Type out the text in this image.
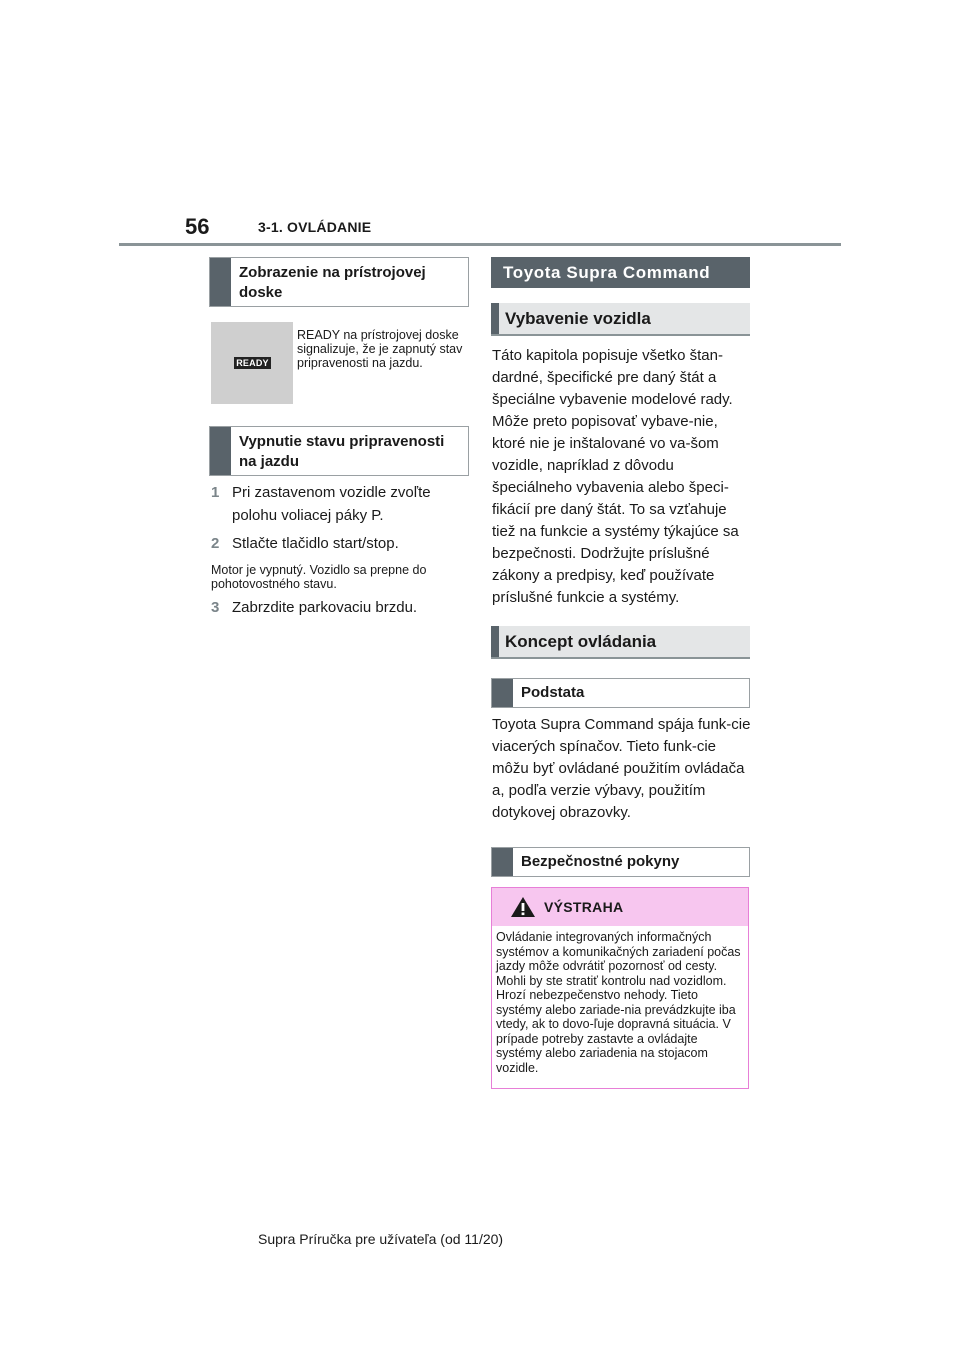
56	3-1. OVLÁDANIE
Zobrazenie na prístrojovej doske
READY
READY na prístrojovej doske signalizuje, že je zapnutý stav pripravenosti na jazdu.
Vypnutie stavu pripravenosti na jazdu
1 Pri zastavenom vozidle zvoľte polohu voliacej páky P.
2 Stlačte tlačidlo start/stop.
Motor je vypnutý. Vozidlo sa prepne do pohotovostného stavu.
3 Zabrzdite parkovaciu brzdu.
Toyota Supra Command
Vybavenie vozidla
Táto kapitola popisuje všetko štan-dardné, špecifické pre daný štát a špeciálne vybavenie modelové rady. Môže preto popisovať vybave-nie, ktoré nie je inštalované vo va-šom vozidle, napríklad z dôvodu špeciálneho vybavenia alebo špeci-fikácií pre daný štát. To sa vzťahuje tiež na funkcie a systémy týkajúce sa bezpečnosti. Dodržujte príslušné zákony a predpisy, keď používate príslušné funkcie a systémy.
Koncept ovládania
Podstata
Toyota Supra Command spája funk-cie viacerých spínačov. Tieto funk-cie môžu byť ovládané použitím ovládača a, podľa verzie výbavy, použitím dotykovej obrazovky.
Bezpečnostné pokyny
VÝSTRAHA
Ovládanie integrovaných informačných systémov a komunikačných zariadení počas jazdy môže odvrátiť pozornosť od cesty. Mohli by ste stratiť kontrolu nad vozidlom. Hrozí nebezpečenstvo nehody. Tieto systémy alebo zariade-nia prevádzkujte iba vtedy, ak to dovo-ľuje dopravná situácia. V prípade potreby zastavte a ovládajte systémy alebo zariadenia na stojacom vozidle.
Supra Príručka pre užívateľa (od 11/20)
